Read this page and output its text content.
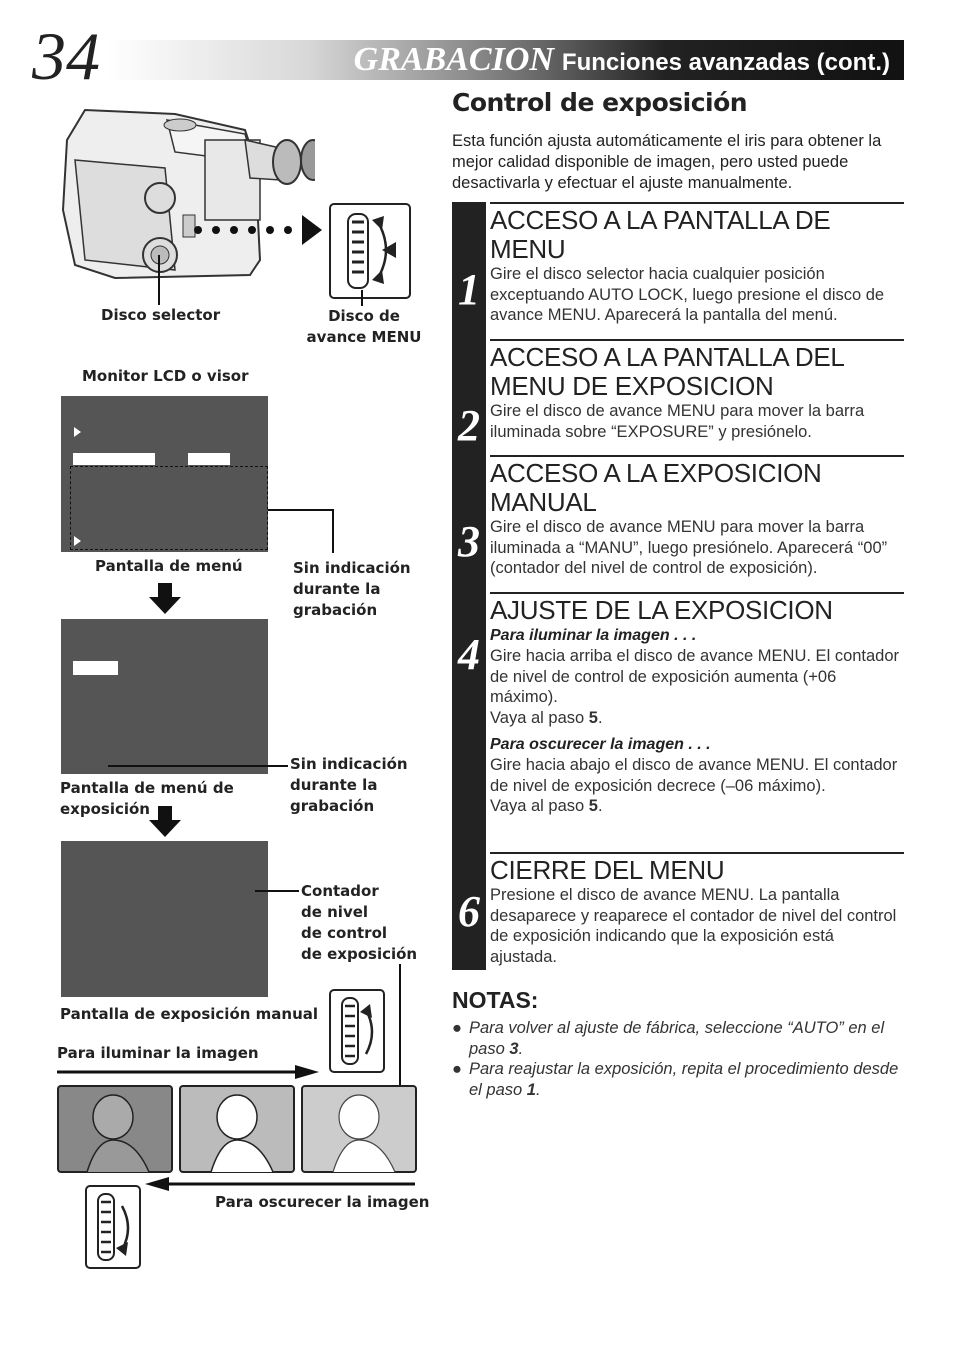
34	GRABACION Funciones avanzadas (cont.)
Disco selector	Disco de
avance MENU
Monitor LCD o visor
Pantalla de menú	Sin indicación
durante la
grabación
Pantalla de menú de
exposición
Sin indicación
durante la
grabación
Contador
de nivel
de control
de exposición
Pantalla de exposición manual
Para iluminar la imagen
Para oscurecer la imagen
Control de exposición
Esta función ajusta automáticamente el iris para obtener la mejor calidad disponible de imagen, pero usted puede desactivarla y efectuar el ajuste manualmente.
1
2
3
4
6
ACCESO A LA PANTALLA DE MENU
Gire el disco selector hacia cualquier posición exceptuando AUTO LOCK, luego presione el disco de avance MENU. Aparecerá la pantalla del menú.
ACCESO A LA PANTALLA DEL MENU DE EXPOSICION
Gire el disco de avance MENU para mover la barra iluminada sobre “EXPOSURE” y presiónelo.
ACCESO A LA EXPOSICION MANUAL
Gire el disco de avance MENU para mover la barra iluminada a “MANU”, luego presiónelo. Aparecerá “00” (contador del nivel de control de exposición).
AJUSTE DE LA EXPOSICION
Para iluminar la imagen . . .
Gire hacia arriba el disco de avance MENU. El contador de nivel de control de exposición aumenta (+06 máximo).
Vaya al paso 5.
Para oscurecer la imagen . . .
Gire hacia abajo el disco de avance MENU. El contador de nivel de exposición decrece (–06 máximo).
Vaya al paso 5.
CIERRE DEL MENU
Presione el disco de avance MENU. La pantalla desaparece y reaparece el contador de nivel del control de exposición indicando que la exposición está ajustada.
NOTAS:
● Para volver al ajuste de fábrica, seleccione “AUTO” en el paso 3.
● Para reajustar la exposición, repita el procedimiento desde el paso 1.
